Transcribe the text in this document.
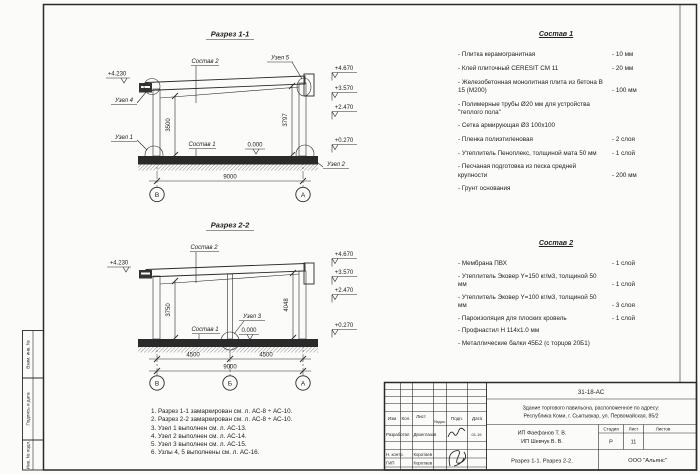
Взам. инв. №
Подпись и дата
Инв. № подл.
Разрез 1-1
Состав 2
Узел 5
Узел 4
Узел 1
Узел 2
Состав 1	0.000
+4.230
+4.670
+3.570
+2.470
+0.270
3500	3797
9000
В	А
Разрез 2-2
Состав 2
+4.230
Узел 3
Состав 1	0.000
+4.670
+3.570
+2.470
+0.270
3750	4048
4500	4500
9000
В	Б	А
Изм Кол. Лист
№док.
Подп. Дата
Разработал Двоеглазов	01.19
Н. контр. Коротаев
ГИП	Коротаев
31-18-АС
Здание торгового павильона, расположенное по адресу:
Республика Коми, г. Сыктывкар, ул. Первомайская, 85/2
ИП Фаефанов Т. В.
ИП Шевчук В. В.
Стадия Лист	Листов
Р	11
Разрез 1-1. Разрез 2-2.	ООО "Альянс"
Состав 1
- Плитка керамогранитная	- 10 мм
- Клей плиточный CERESIT CM 11	- 20 мм
- Железобетонная монолитная плита из бетона В 15 (М200)	- 100 мм
- Полимерные трубы Ø20 мм для устройства "теплого пола"
- Сетка армирующая Ø3 100x100
- Пленка полиэтиленовая	- 2 слоя
- Утеплитель Пеноплекс, толщиной мата 50 мм	- 1 слой
- Песчаная подготовка из песка средней крупности	- 200 мм
- Грунт основания
Состав 2
- Мембрана ПВХ	- 1 слой
- Утеплитель Эковер Y=150 кг/м3, толщиной 50 мм	- 1 слой
- Утеплитель Эковер Y=100 кг/м3, толщиной 50 мм	- 3 слоя
- Пароизоляция для плоских кровель	- 1 слой
- Профнастил Н 114x1.0 мм
- Металлические балки 45Б2 (с торцов 20Б1)
1. Разрез 1-1 замаркирован см. л. АС-8 ÷ АС-10.
2. Разрез 2-2 замаркирован см. л. АС-8 ÷ АС-10.
3. Узел 1 выполнен см. л. АС-13.
4. Узел 2 выполнен см. л. АС-14.
5. Узел 3 выполнен см. л. АС-15.
6. Узлы 4, 5 выполнены см. л. АС-16.
